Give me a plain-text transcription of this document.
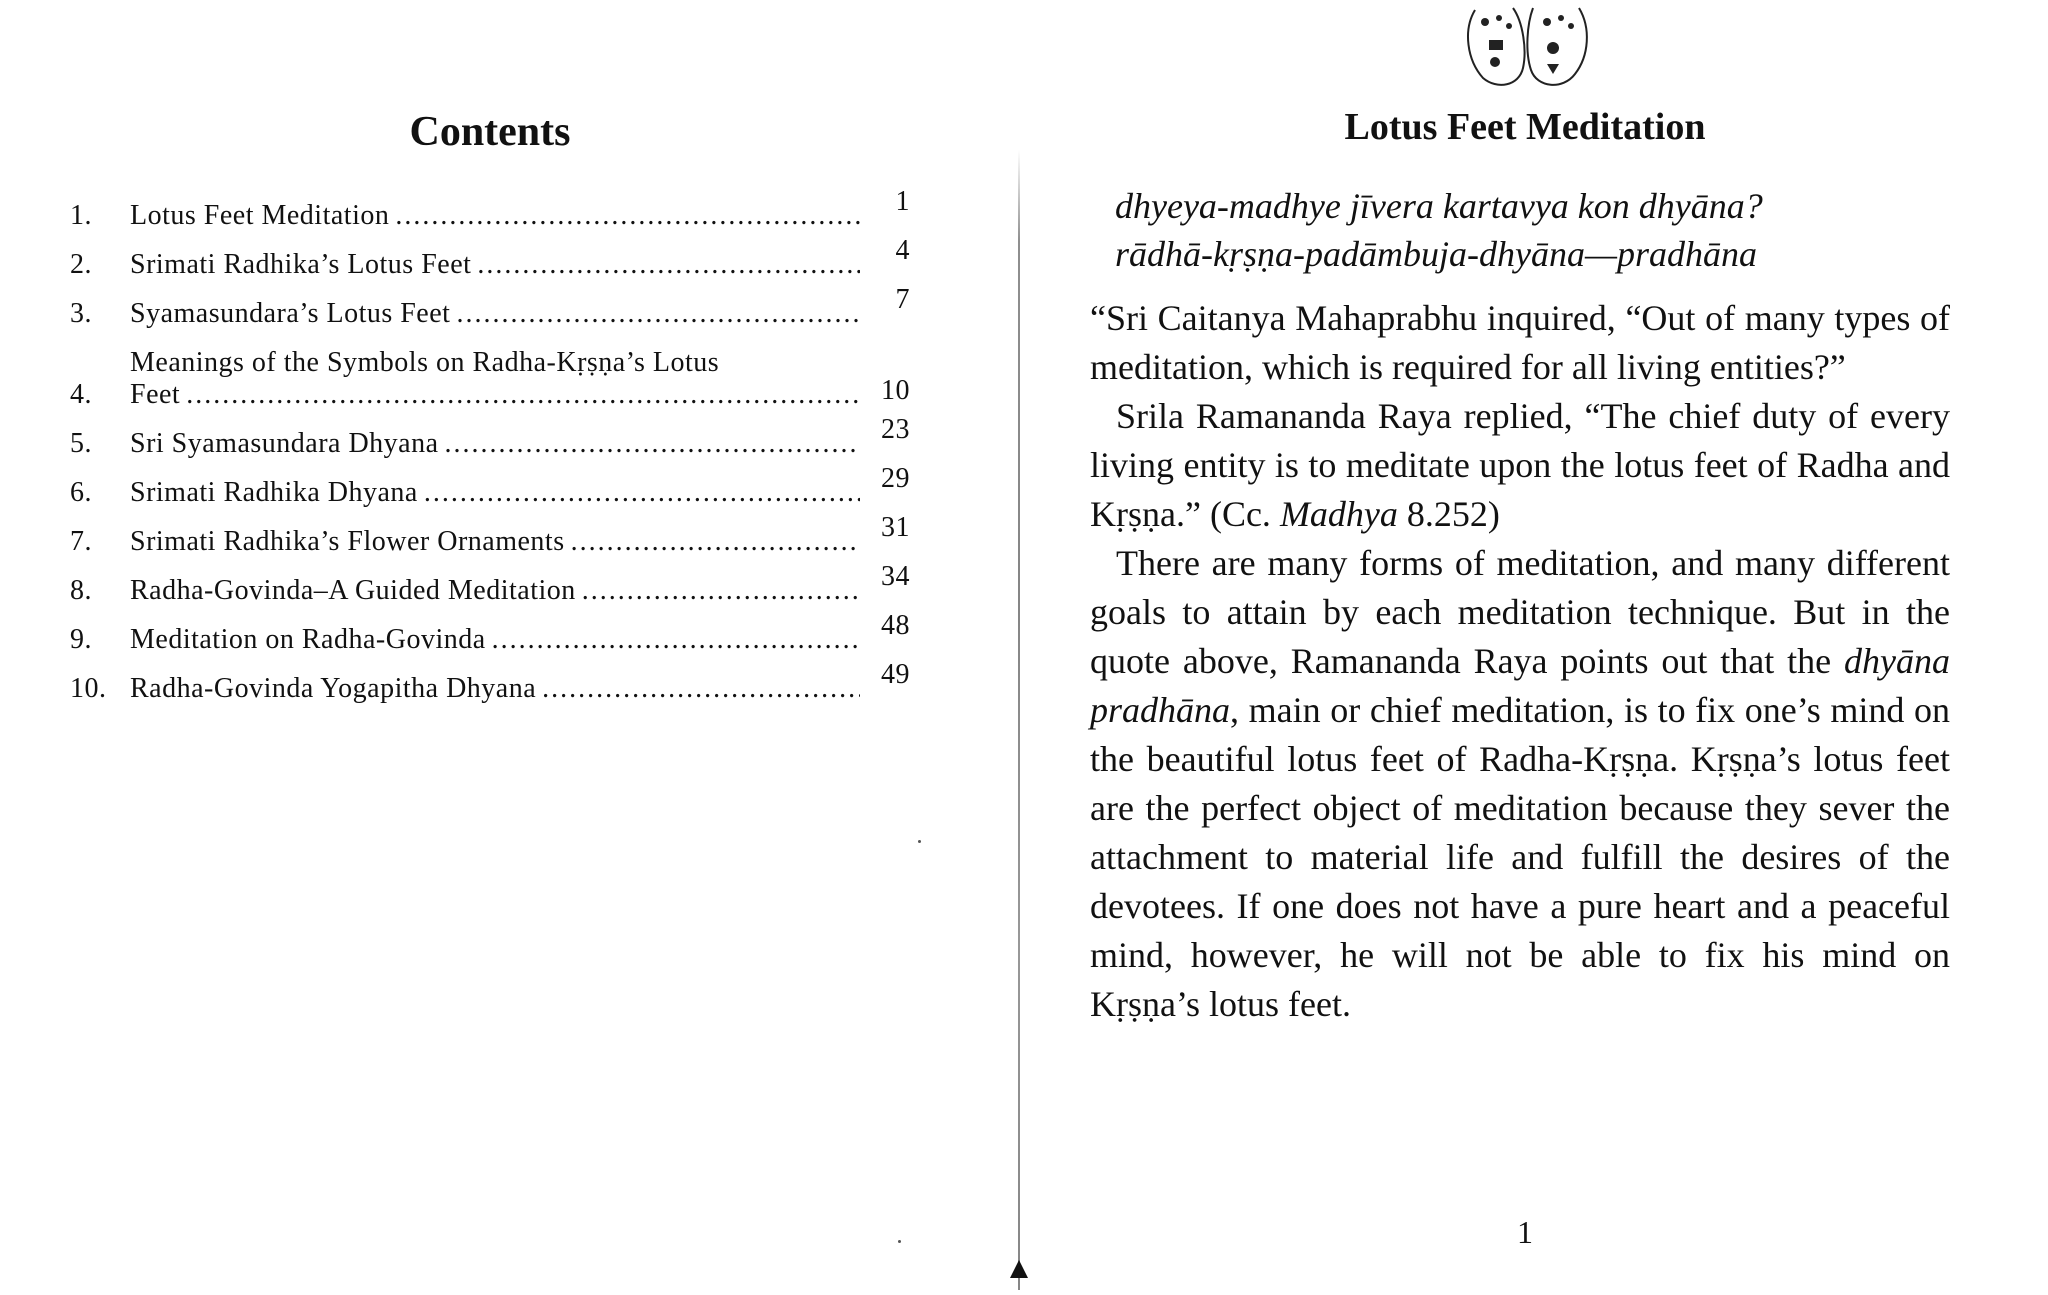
Contents
1.	Lotus Feet Meditation .....	1
2.	Srimati Radhika’s Lotus Feet .....	4
3.	Syamasundara’s Lotus Feet .....	7
4.
Meanings of the Symbols on Radha-Kṛṣṇa’s Lotus
Feet .....	10
5.	Sri Syamasundara Dhyana .....	23
6.	Srimati Radhika Dhyana .....	29
7.	Srimati Radhika’s Flower Ornaments .....	31
8.	Radha-Govinda–A Guided Meditation .....	34
9.	Meditation on Radha-Govinda .....	48
10. Radha-Govinda Yogapitha Dhyana .....	49
Lotus Feet Meditation
dhyeya-madhye jīvera kartavya kon dhyāna?
rādhā-kṛṣṇa-padāmbuja-dhyāna—pradhāna

“Sri Caitanya Mahaprabhu inquired, “Out of many types of meditation, which is required for all living entities?”

Srila Ramananda Raya replied, “The chief duty of every living entity is to meditate upon the lotus feet of Radha and Kṛṣṇa.” (Cc. Madhya 8.252)

There are many forms of meditation, and many different goals to attain by each meditation technique. But in the quote above, Ramananda Raya points out that the dhyāna pradhāna, main or chief meditation, is to fix one’s mind on the beautiful lotus feet of Radha-Kṛṣṇa. Kṛṣṇa’s lotus feet are the perfect object of meditation because they sever the attachment to material life and fulfill the desires of the devotees. If one does not have a pure heart and a peaceful mind, however, he will not be able to fix his mind on Kṛṣṇa’s lotus feet.

1
